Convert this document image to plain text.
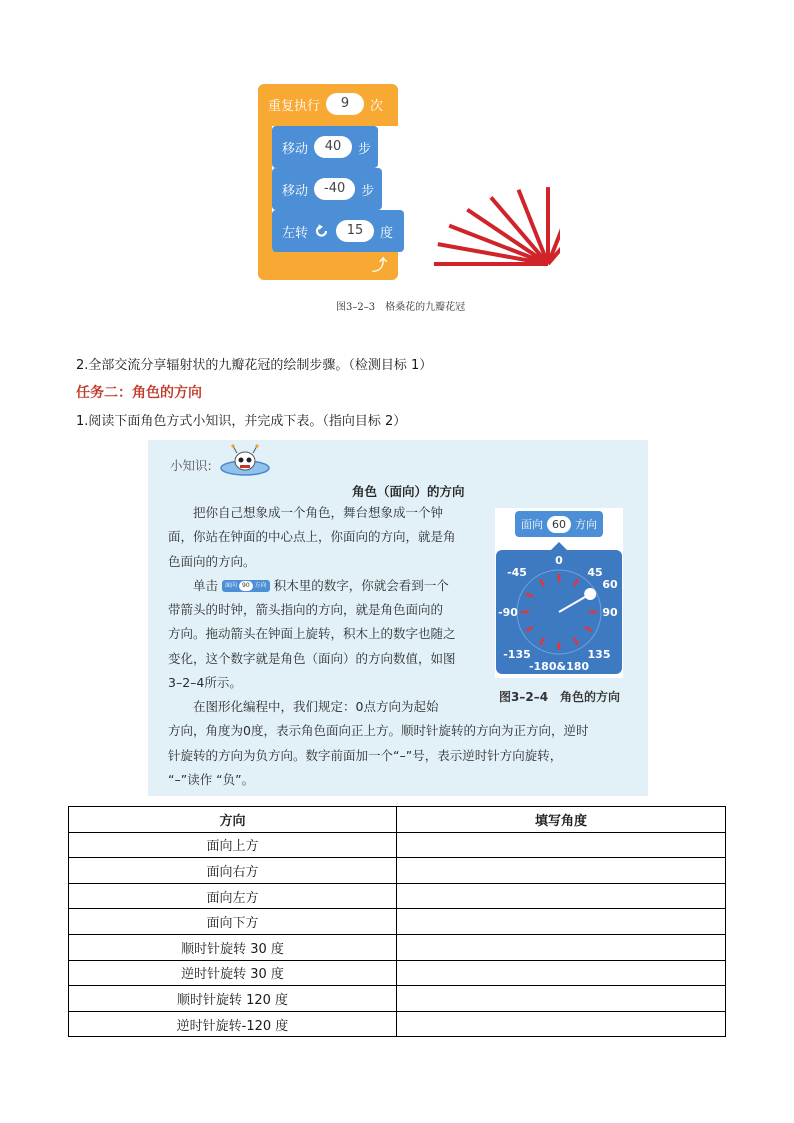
重复执行	9	次
⤴
移动	40	步
移动	-40	步
左转	15	度
图3–2–3　格桑花的九瓣花冠
2.全部交流分享辐射状的九瓣花冠的绘制步骤。（检测目标 1）
任务二：角色的方向
1.阅读下面角色方式小知识，并完成下表。（指向目标 2）
小知识:
角色（面向）的方向
　　把你自己想象成一个角色，舞台想象成一个钟
面，你站在钟面的中心点上，你面向的方向，就是角
色面向的方向。
　　单击 面向 90 方向 积木里的数字，你就会看到一个
带箭头的时钟，箭头指向的方向，就是角色面向的
方向。拖动箭头在钟面上旋转，积木上的数字也随之
变化，这个数字就是角色（面向）的方向数值，如图
3–2–4所示。
　　在图形化编程中，我们规定：0点方向为起始
方向，角度为0度，表示角色面向正上方。顺时针旋转的方向为正方向，逆时
针旋转的方向为负方向。数字前面加一个“–”号，表示逆时针方向旋转，
“–”读作 “负”。
面向 60 方向
0
-45	45
60
-90	90
-135	135
-180&180
图3–2–4　角色的方向
方向	填写角度
面向上方	
面向右方	
面向左方	
面向下方	
顺时针旋转 30 度	
逆时针旋转 30 度	
顺时针旋转 120 度	
逆时针旋转-120 度	
